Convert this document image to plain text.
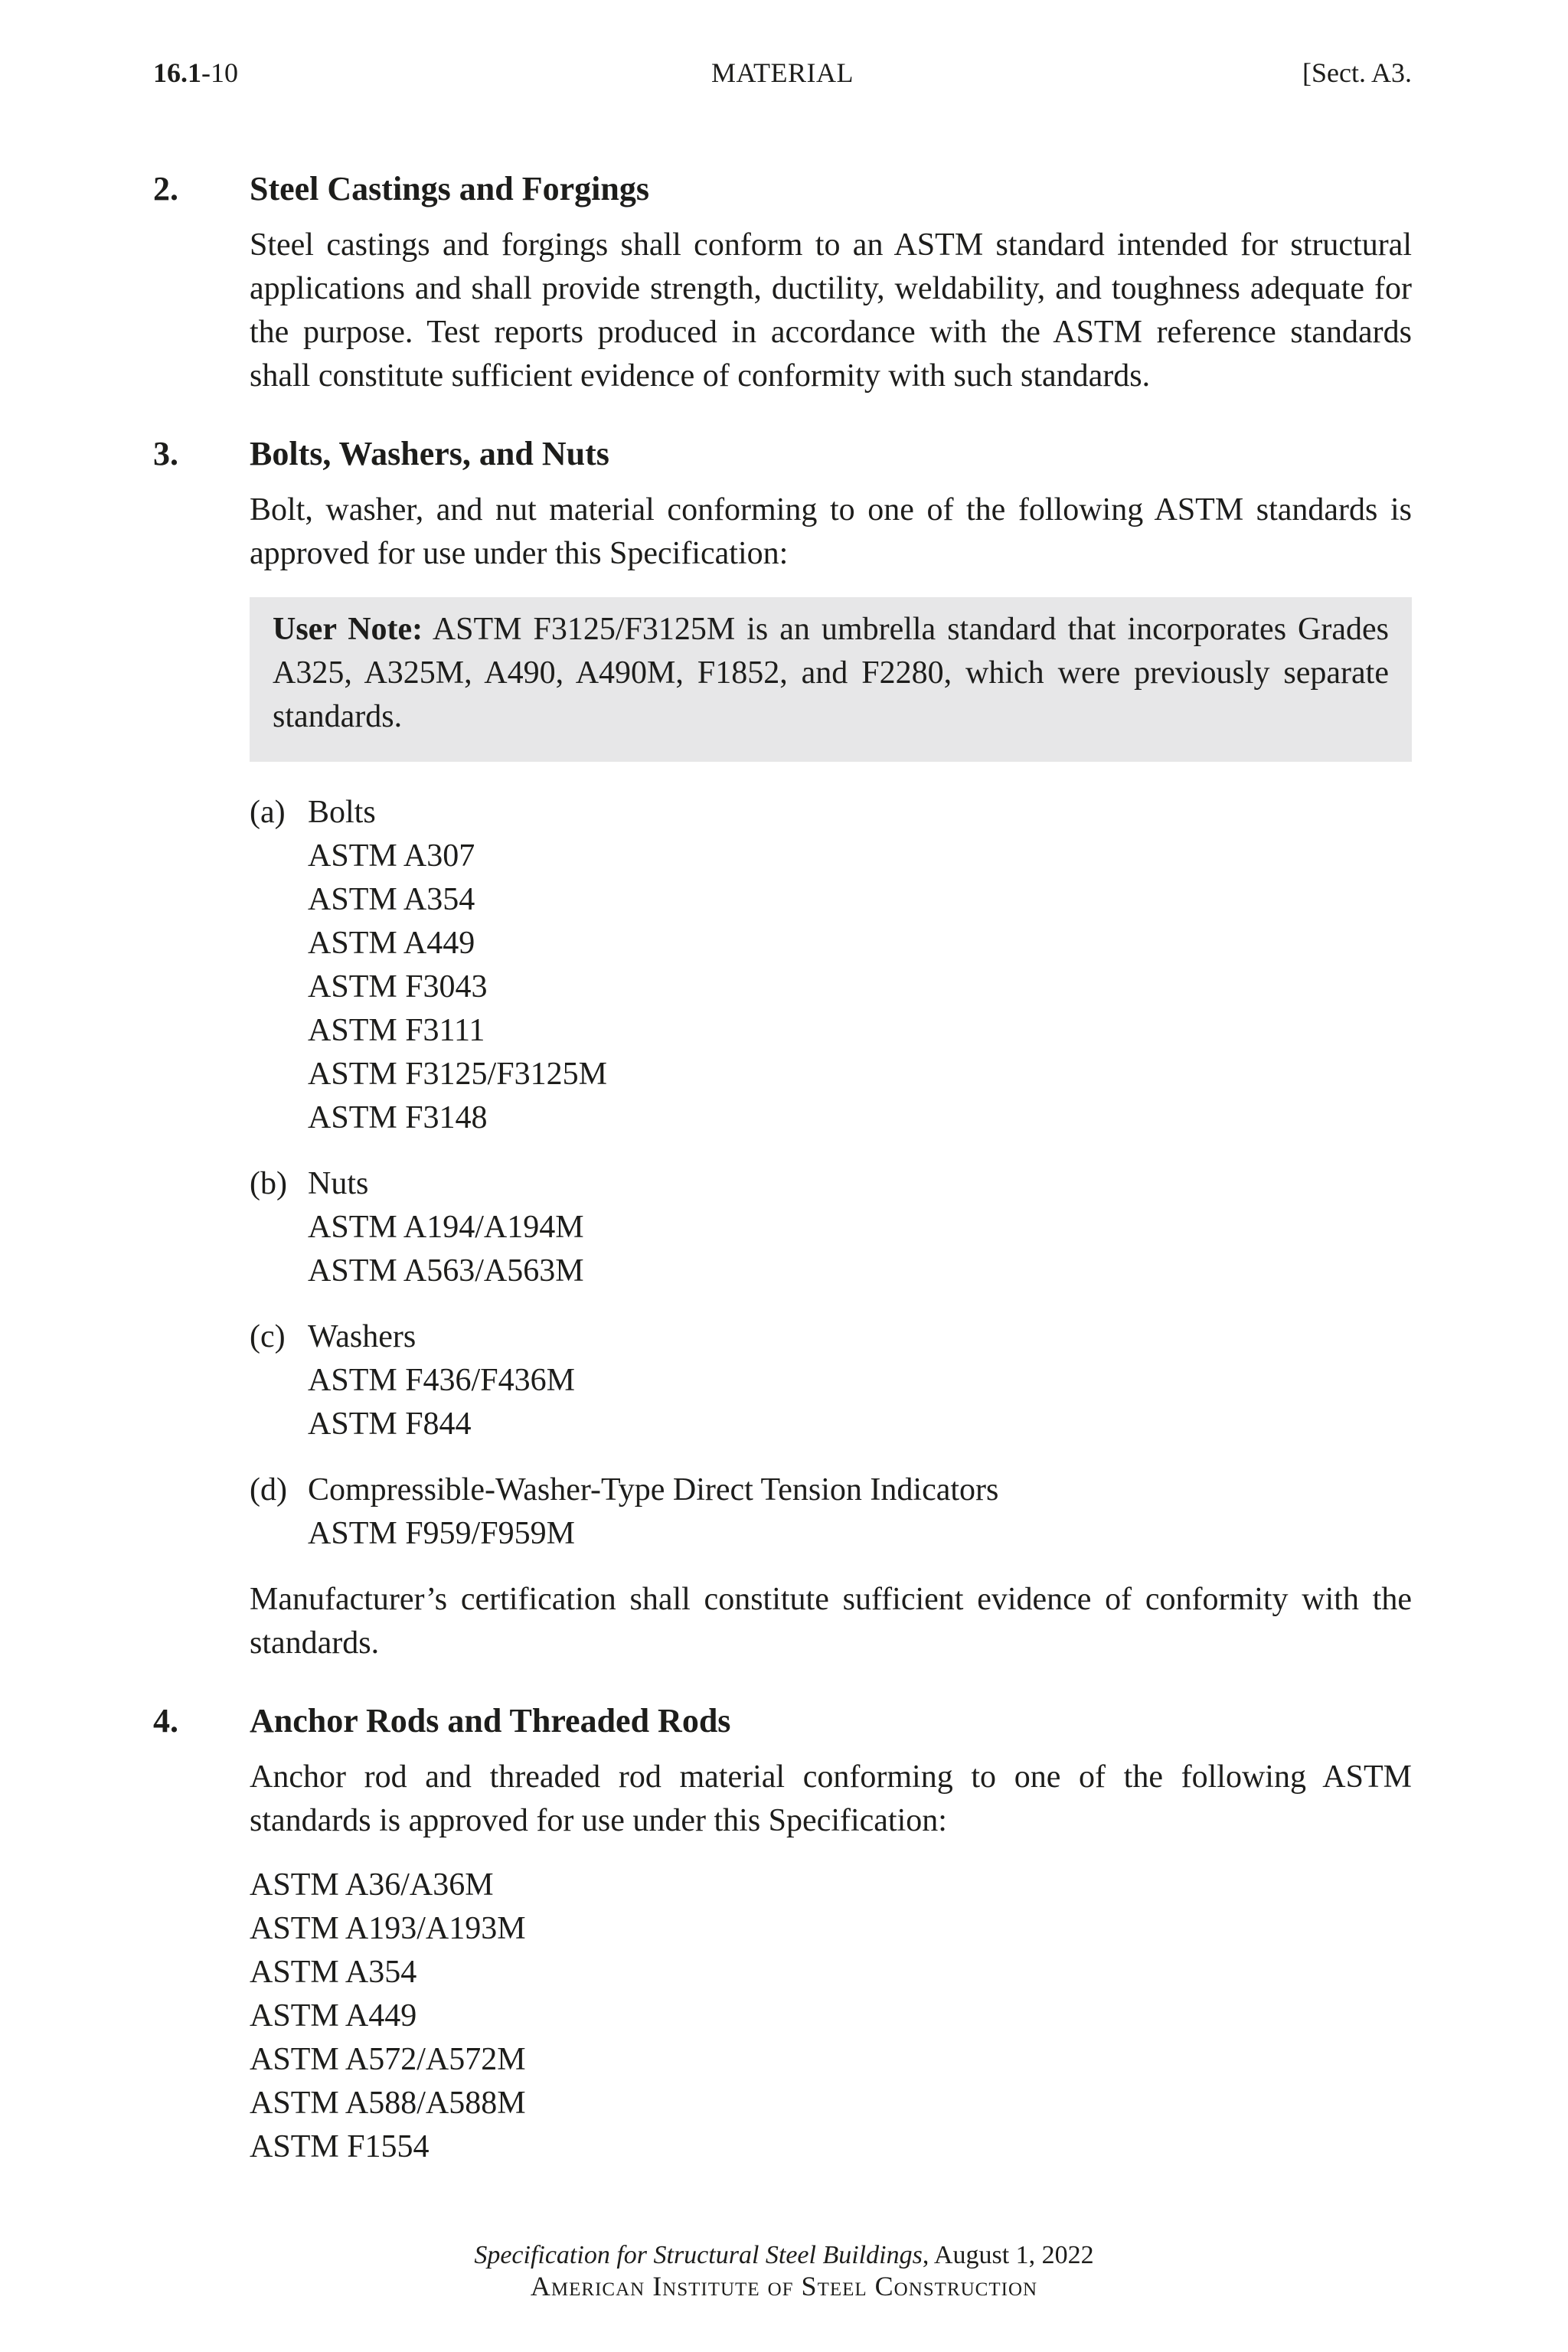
16.1-10	MATERIAL	[Sect. A3.
2. Steel Castings and Forgings

Steel castings and forgings shall conform to an ASTM standard intended for structural applications and shall provide strength, ductility, weldability, and toughness adequate for the purpose. Test reports produced in accordance with the ASTM reference standards shall constitute sufficient evidence of conformity with such standards.

3. Bolts, Washers, and Nuts

Bolt, washer, and nut material conforming to one of the following ASTM standards is approved for use under this Specification:

User Note: ASTM F3125/F3125M is an umbrella standard that incorporates Grades A325, A325M, A490, A490M, F1852, and F2280, which were previously separate standards.
(a) Bolts
ASTM A307
ASTM A354
ASTM A449
ASTM F3043
ASTM F3111
ASTM F3125/F3125M
ASTM F3148
(b) Nuts
ASTM A194/A194M
ASTM A563/A563M
(c) Washers
ASTM F436/F436M
ASTM F844
(d) Compressible-Washer-Type Direct Tension Indicators
ASTM F959/F959M

Manufacturer’s certification shall constitute sufficient evidence of conformity with the standards.

4. Anchor Rods and Threaded Rods

Anchor rod and threaded rod material conforming to one of the following ASTM standards is approved for use under this Specification:

ASTM A36/A36M
ASTM A193/A193M
ASTM A354
ASTM A449
ASTM A572/A572M
ASTM A588/A588M
ASTM F1554
Specification for Structural Steel Buildings, August 1, 2022
American Institute of Steel Construction
